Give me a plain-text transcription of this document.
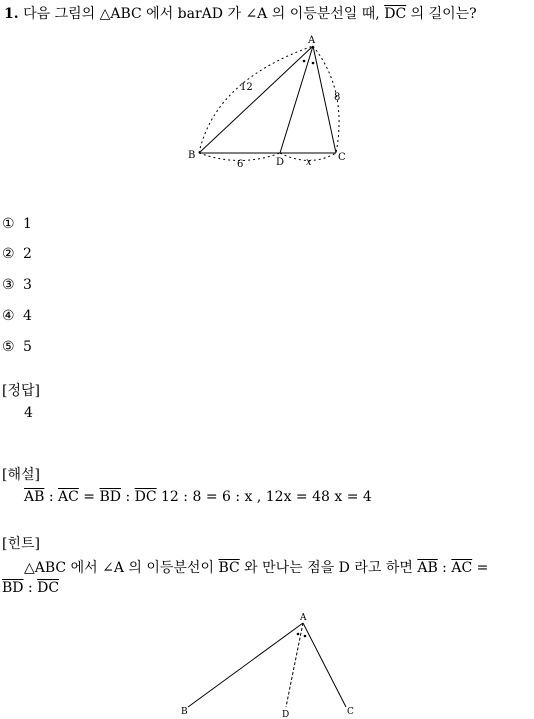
1. 다음 그림의 △ABC 에서 barAD 가 ∠A 의 이등분선일 때, $\overline{DC}$ 의 길이는?
A
B	C
D
12
8
6	x
① 1
② 2
③ 3
④ 4
⑤ 5
[정답]
4
[해설]
$\overline{AB}$ : $\overline{AC} = \overline{BD}$ : $\overline{DC}$ 12 : 8 = 6 : x , 12x = 48 x = 4
[힌트]
△ABC 에서 ∠A 의 이등분선이 $\overline{BC}$ 와 만나는 점을 D 라고 하면 $\overline{AB}$ : $\overline{AC}$ =
$\overline{BD}$ : $\overline{DC}$
A
B	C
D
